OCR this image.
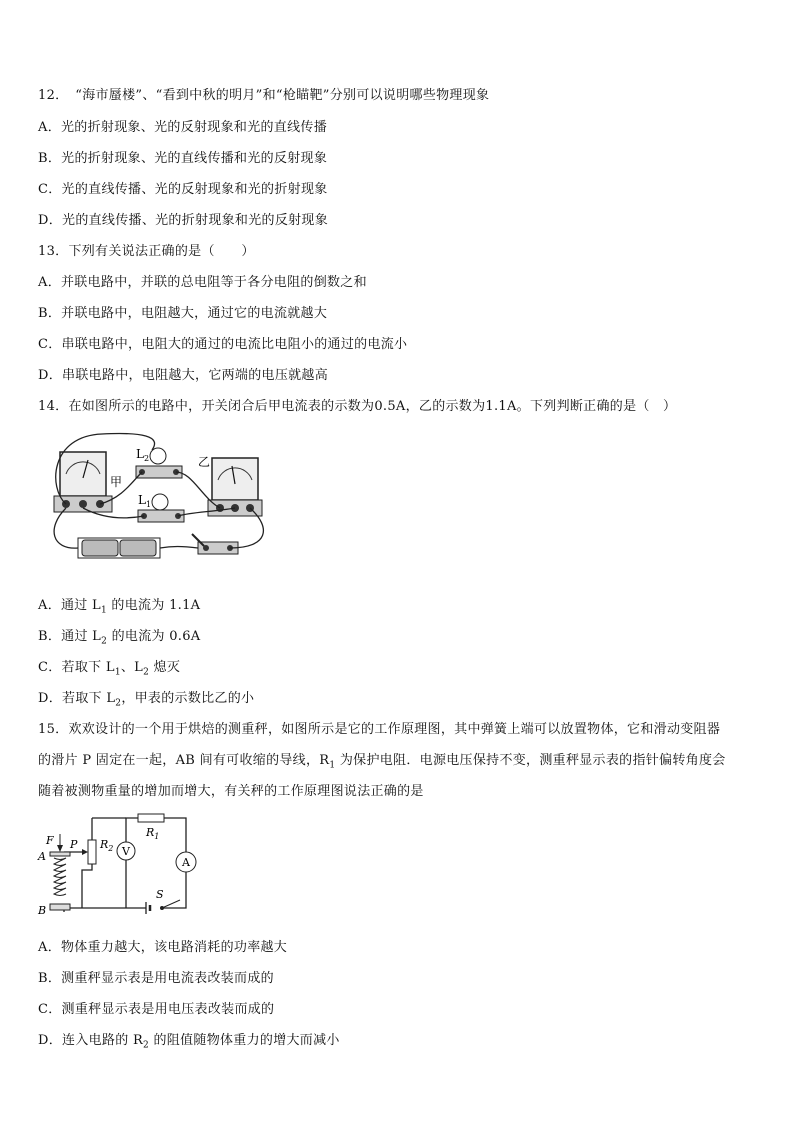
12．　“海市蜃楼”、“看到中秋的明月”和“枪瞄靶”分别可以说明哪些物理现象
A．光的折射现象、光的反射现象和光的直线传播
B．光的折射现象、光的直线传播和光的反射现象
C．光的直线传播、光的反射现象和光的折射现象
D．光的直线传播、光的折射现象和光的反射现象
13．下列有关说法正确的是（　　）
A．并联电路中，并联的总电阻等于各分电阻的倒数之和
B．并联电路中，电阻越大，通过它的电流就越大
C．串联电路中，电阻大的通过的电流比电阻小的通过的电流小
D．串联电路中，电阻越大，它两端的电压就越高
14．在如图所示的电路中，开关闭合后甲电流表的示数为0.5A，乙的示数为1.1A。下列判断正确的是（　）
甲
乙
$L_2$
$L_1$
A．通过 $L_1$ 的电流为 1.1A
B．通过 $L_2$ 的电流为 0.6A
C．若取下 $L_1$、$L_2$ 熄灭
D．若取下 $L_2$，甲表的示数比乙的小
15．欢欢设计的一个用于烘焙的测重秤，如图所示是它的工作原理图，其中弹簧上端可以放置物体，它和滑动变阻器
的滑片 P 固定在一起，AB 间有可收缩的导线，$R_1$ 为保护电阻．电源电压保持不变，测重秤显示表的指针偏转角度会
随着被测物重量的增加而增大，有关秤的工作原理图说法正确的是
V
A
F
A
P
B
$R_2$
$R_1$
S
A．物体重力越大，该电路消耗的功率越大
B．测重秤显示表是用电流表改装而成的
C．测重秤显示表是用电压表改装而成的
D．连入电路的 $R_2$ 的阻值随物体重力的增大而减小
